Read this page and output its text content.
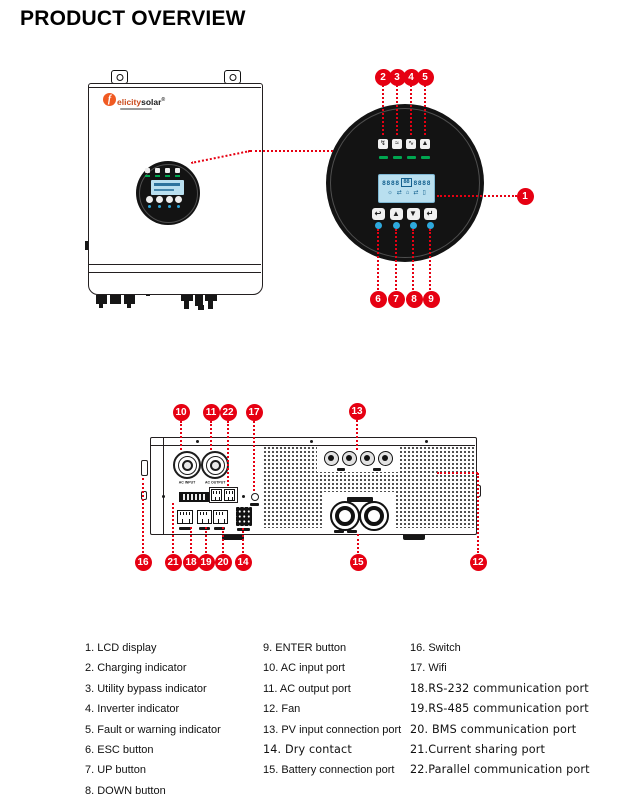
PRODUCT OVERVIEW
f elicitysolar®
↯	≈	∿ ▲
8888 88 8888
☼ ⇄ ⌂ ⇄ ▯
↩	▲	▼	↵
2 3 4 5
1
6	7	8	9
AC INPUT AC OUTPUT
10	11 22 17	13
16 21 18 19 20 14	15	12
1. LCD display
2. Charging indicator
3. Utility bypass indicator
4. Inverter indicator
5. Fault or warning indicator
6. ESC button
7. UP button
8. DOWN button
9. ENTER button
10. AC input port
11. AC output port
12. Fan
13. PV input connection port
14. Dry contact
15. Battery connection port
16. Switch
17. Wifi
18.RS-232 communication port
19.RS-485 communication port
20. BMS communication port
21.Current sharing port
22.Parallel communication port
